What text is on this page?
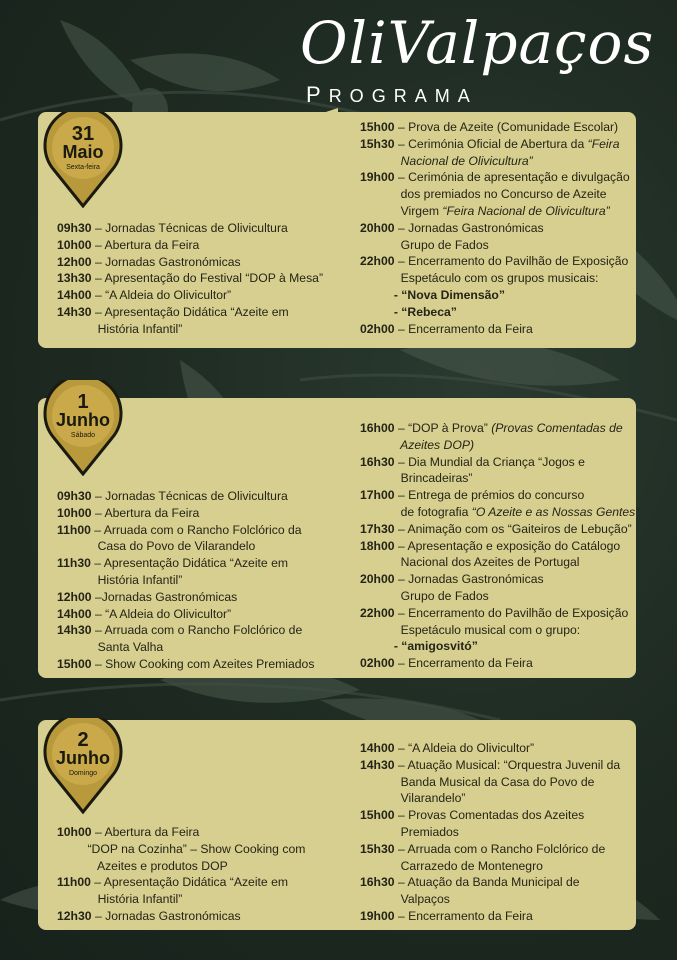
OliValpaços
PROGRAMA
31
Maio
Sexta-feira
1
Junho
Sábado
2
Junho
Domingo
09h30 – Jornadas Técnicas de Olivicultura
10h00 – Abertura da Feira
12h00 – Jornadas Gastronómicas
13h30 – Apresentação do Festival “DOP à Mesa”
14h00 – “A Aldeia do Olivicultor”
14h30 – Apresentação Didática “Azeite em
História Infantil”
15h00 – Prova de Azeite (Comunidade Escolar)
15h30 – Cerimónia Oficial de Abertura da “Feira
Nacional de Olivicultura”
19h00 – Cerimónia de apresentação e divulgação
dos premiados no Concurso de Azeite
Virgem “Feira Nacional de Olivicultura”
20h00 – Jornadas Gastronómicas
Grupo de Fados
22h00 – Encerramento do Pavilhão de Exposição
Espetáculo com os grupos musicais:
- “Nova Dimensão”
- “Rebeca”
02h00 – Encerramento da Feira
09h30 – Jornadas Técnicas de Olivicultura
10h00 – Abertura da Feira
11h00 – Arruada com o Rancho Folclórico da
Casa do Povo de Vilarandelo
11h30 – Apresentação Didática “Azeite em
História Infantil”
12h00 –Jornadas Gastronómicas
14h00 – “A Aldeia do Olivicultor”
14h30 – Arruada com o Rancho Folclórico de
Santa Valha
15h00 – Show Cooking com Azeites Premiados
16h00 – “DOP à Prova” (Provas Comentadas de
Azeites DOP)
16h30 – Dia Mundial da Criança “Jogos e
Brincadeiras”
17h00 – Entrega de prémios do concurso
de fotografia “O Azeite e as Nossas Gentes”
17h30 – Animação com os “Gaiteiros de Lebução”
18h00 – Apresentação e exposição do Catálogo
Nacional dos Azeites de Portugal
20h00 – Jornadas Gastronómicas
Grupo de Fados
22h00 – Encerramento do Pavilhão de Exposição
Espetáculo musical com o grupo:
- “amigosvitó”
02h00 – Encerramento da Feira
10h00 – Abertura da Feira
“DOP na Cozinha” – Show Cooking com
Azeites e produtos DOP
11h00 – Apresentação Didática “Azeite em
História Infantil”
12h30 – Jornadas Gastronómicas
14h00 – “A Aldeia do Olivicultor”
14h30 – Atuação Musical: “Orquestra Juvenil da
Banda Musical da Casa do Povo de
Vilarandelo”
15h00 – Provas Comentadas dos Azeites
Premiados
15h30 – Arruada com o Rancho Folclórico de
Carrazedo de Montenegro
16h30 – Atuação da Banda Municipal de
Valpaços
19h00 – Encerramento da Feira
